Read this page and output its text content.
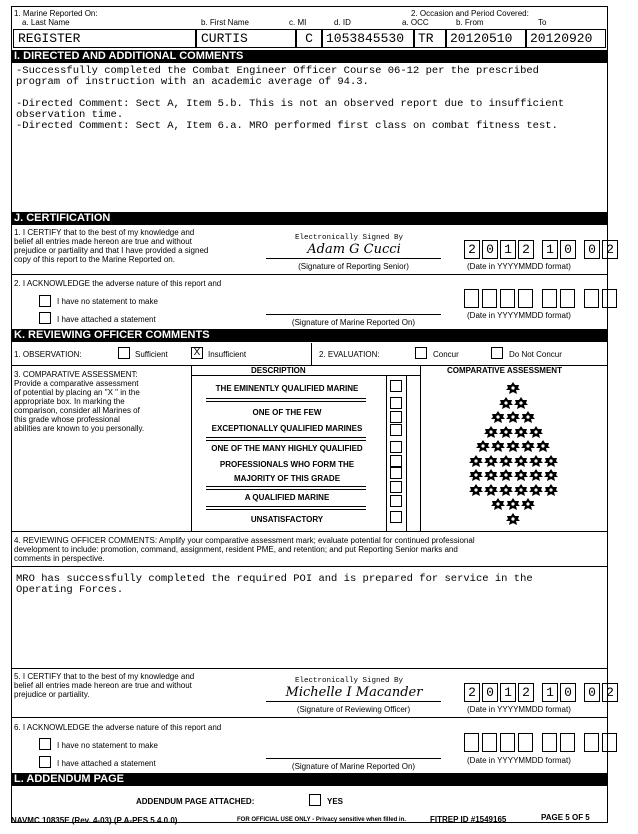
1. Marine Reported On:	2. Occasion and Period Covered:
a. Last Name	b. First Name	c. MI	d. ID	a. OCC	b. From	To
REGISTER	CURTIS	C	1053845530	TR	20120510	20120920
I. DIRECTED AND ADDITIONAL COMMENTS
-Successfully completed the Combat Engineer Officer Course 06-12 per the prescribed
program of instruction with an academic average of 94.3.
-Directed Comment: Sect A, Item 5.b. This is not an observed report due to insufficient
observation time.
-Directed Comment: Sect A, Item 6.a. MRO performed first class on combat fitness test.
J. CERTIFICATION
1. I CERTIFY that to the best of my knowledge and
belief all entries made hereon are true and without
prejudice or partiality and that I have provided a signed
copy of this report to the Marine Reported on.
Electronically Signed By
Adam G Cucci
(Signature of Reporting Senior)
2 0 1 2	1 0	0 2
(Date in YYYYMMDD format)
2. I ACKNOWLEDGE the adverse nature of this report and
I have no statement to make
I have attached a statement	(Signature of Marine Reported On)
(Date in YYYYMMDD format)
K. REVIEWING OFFICER COMMENTS
1. OBSERVATION:	Sufficient	X Insufficient	2. EVALUATION:	Concur	Do Not Concur
3. COMPARATIVE ASSESSMENT:
Provide a comparative assessment
of potential by placing an "X " in the
appropriate box. In marking the
comparison, consider all Marines of
this grade whose professional
abilities are known to you personally.
DESCRIPTION	COMPARATIVE ASSESSMENT
THE EMINENTLY QUALIFIED MARINE
ONE OF THE FEW
EXCEPTIONALLY QUALIFIED MARINES
ONE OF THE MANY HIGHLY QUALIFIED
PROFESSIONALS WHO FORM THE
MAJORITY OF THIS GRADE
A QUALIFIED MARINE
UNSATISFACTORY
4. REVIEWING OFFICER COMMENTS: Amplify your comparative assessment mark; evaluate potential for continued professional
development to include: promotion, command, assignment, resident PME, and retention; and put Reporting Senior marks and
comments in perspective.
MRO has successfully completed the required POI and is prepared for service in the
Operating Forces.
5. I CERTIFY that to the best of my knowledge and
belief all entries made hereon are true and without
prejudice or partiality.
Electronically Signed By
Michelle I Macander
(Signature of Reviewing Officer)
2 0 1 2	1 0	0 2
(Date in YYYYMMDD format)
6. I ACKNOWLEDGE the adverse nature of this report and
I have no statement to make
I have attached a statement	(Signature of Marine Reported On)
(Date in YYYYMMDD format)
L. ADDENDUM PAGE
ADDENDUM PAGE ATTACHED:	YES
NAVMC 10835E (Rev. 4-03) (P A-PES 5.4.0.0)	FOR OFFICIAL USE ONLY - Privacy sensitive when filled in.	FITREP ID #1549165	PAGE 5 OF 5
